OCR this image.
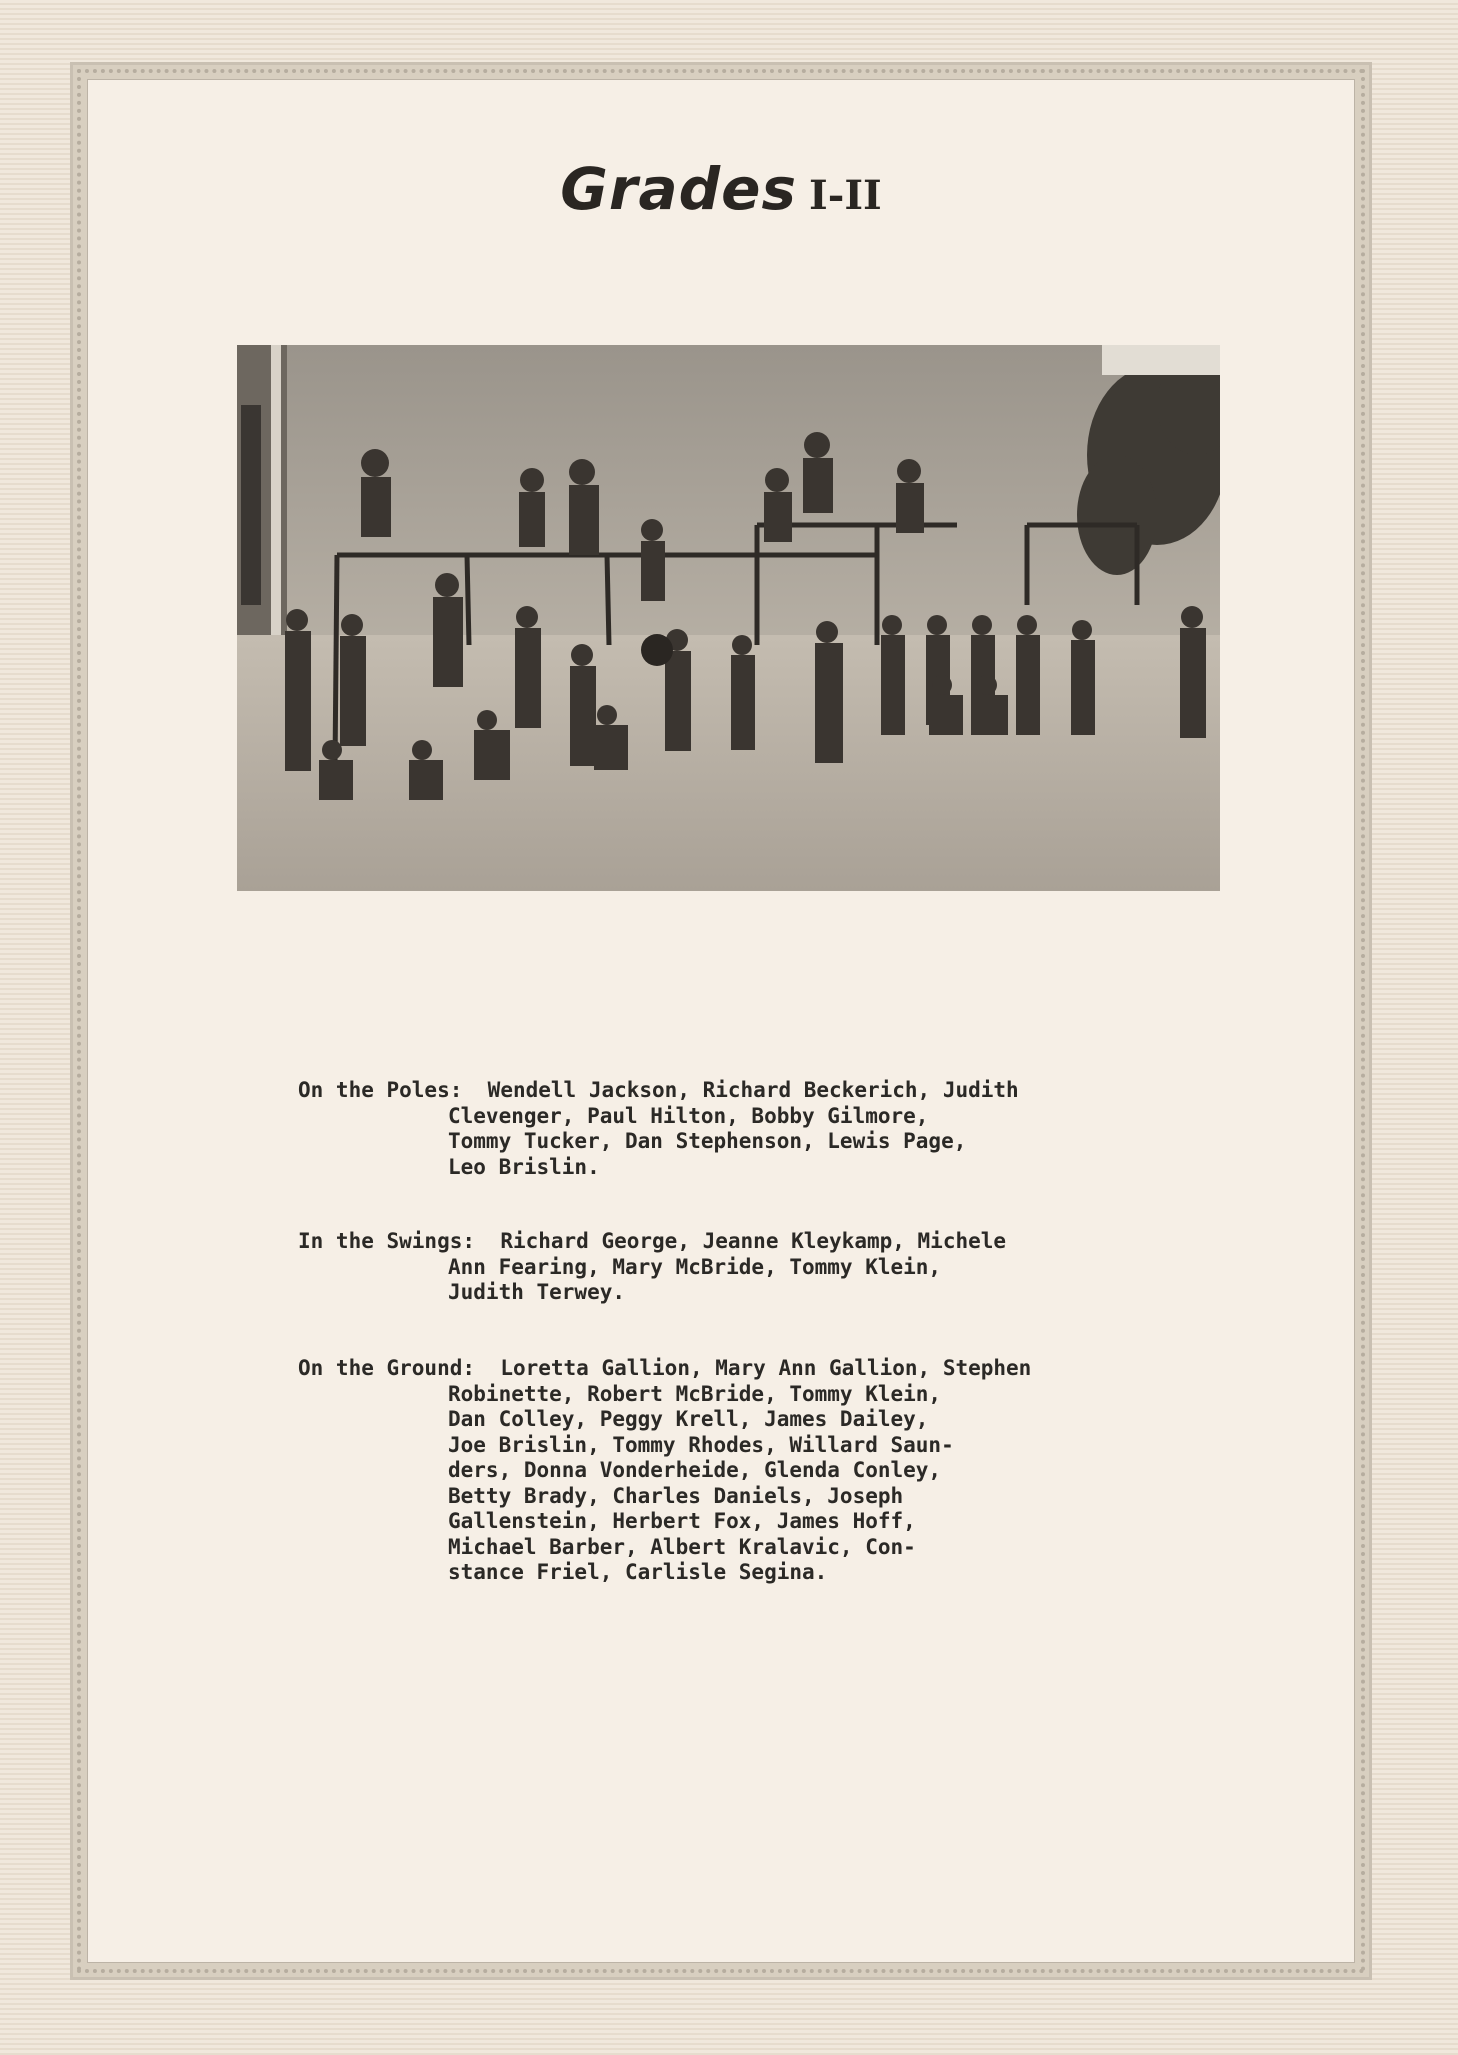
Grades I-II
On the Poles: Wendell Jackson, Richard Beckerich, Judith
Clevenger, Paul Hilton, Bobby Gilmore,
Tommy Tucker, Dan Stephenson, Lewis Page,
Leo Brislin.
In the Swings: Richard George, Jeanne Kleykamp, Michele
Ann Fearing, Mary McBride, Tommy Klein,
Judith Terwey.
On the Ground: Loretta Gallion, Mary Ann Gallion, Stephen
Robinette, Robert McBride, Tommy Klein,
Dan Colley, Peggy Krell, James Dailey,
Joe Brislin, Tommy Rhodes, Willard Saun-
ders, Donna Vonderheide, Glenda Conley,
Betty Brady, Charles Daniels, Joseph
Gallenstein, Herbert Fox, James Hoff,
Michael Barber, Albert Kralavic, Con-
stance Friel, Carlisle Segina.
